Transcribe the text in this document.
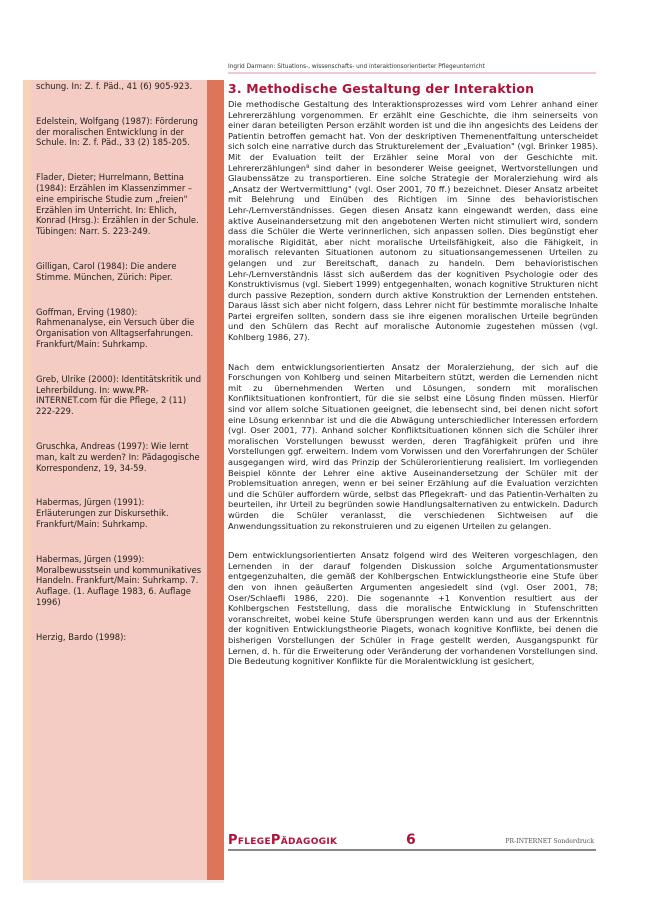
schung. In: Z. f. Päd., 41 (6) 905-923.
Edelstein, Wolfgang (1987): Förderung der moralischen Entwicklung in der Schule. In: Z. f. Päd., 33 (2) 185-205.
Flader, Dieter; Hurrelmann, Bettina (1984): Erzählen im Klassenzimmer – eine empirische Studie zum „freien" Erzählen im Unterricht. In: Ehlich, Konrad (Hrsg.): Erzählen in der Schule. Tübingen: Narr. S. 223-249.
Gilligan, Carol (1984): Die andere Stimme. München, Zürich: Piper.
Goffman, Erving (1980): Rahmenanalyse, ein Versuch über die Organisation von Alltagserfahrungen. Frankfurt/Main: Suhrkamp.
Greb, Ulrike (2000): Identitätskritik und Lehrerbildung. In: www.PR-INTERNET.com für die Pflege, 2 (11) 222-229.
Gruschka, Andreas (1997): Wie lernt man, kalt zu werden? In: Pädagogische Korrespondenz, 19, 34-59.
Habermas, Jürgen (1991): Erläuterungen zur Diskursethik. Frankfurt/Main: Suhrkamp.
Habermas, Jürgen (1999): Moralbewusstsein und kommunikatives Handeln. Frankfurt/Main: Suhrkamp. 7. Auflage. (1. Auflage 1983, 6. Auflage 1996)
Herzig, Bardo (1998):
Ingrid Darmann: Situations-, wissenschafts- und interaktionsorientierter Pflegeunterricht
3. Methodische Gestaltung der Interaktion

Die methodische Gestaltung des Interaktionsprozesses wird vom Lehrer anhand einer Lehrererzählung vorgenommen. Er erzählt eine Geschichte, die ihm seinerseits von einer daran beteiligten Person erzählt worden ist und die ihn angesichts des Leidens der Patientin betroffen gemacht hat. Von der deskriptiven Themenentfaltung unterscheidet sich solch eine narrative durch das Strukturelement der „Evaluation" (vgl. Brinker 1985). Mit der Evaluation teilt der Erzähler seine Moral von der Geschichte mit. Lehrererzählungen⁸ sind daher in besonderer Weise geeignet, Wertvorstellungen und Glaubenssätze zu transportieren. Eine solche Strategie der Moralerziehung wird als „Ansatz der Wertvermittlung" (vgl. Oser 2001, 70 ff.) bezeichnet. Dieser Ansatz arbeitet mit Belehrung und Einüben des Richtigen im Sinne des behavioristischen Lehr-/Lernverständnisses. Gegen diesen Ansatz kann eingewandt werden, dass eine aktive Auseinandersetzung mit den angebotenen Werten nicht stimuliert wird, sondern dass die Schüler die Werte verinnerlichen, sich anpassen sollen. Dies begünstigt eher moralische Rigidität, aber nicht moralische Urteilsfähigkeit, also die Fähigkeit, in moralisch relevanten Situationen autonom zu situationsangemessenen Urteilen zu gelangen und zur Bereitschaft, danach zu handeln. Dem behavioristischen Lehr-/Lernverständnis lässt sich außerdem das der kognitiven Psychologie oder des Konstruktivismus (vgl. Siebert 1999) entgegenhalten, wonach kognitive Strukturen nicht durch passive Rezeption, sondern durch aktive Konstruktion der Lernenden entstehen. Daraus lässt sich aber nicht folgern, dass Lehrer nicht für bestimmte moralische Inhalte Partei ergreifen sollten, sondern dass sie ihre eigenen moralischen Urteile begründen und den Schülern das Recht auf moralische Autonomie zugestehen müssen (vgl. Kohlberg 1986, 27).

Nach dem entwicklungsorientierten Ansatz der Moralerziehung, der sich auf die Forschungen von Kohlberg und seinen Mitarbeitern stützt, werden die Lernenden nicht mit zu übernehmenden Werten und Lösungen, sondern mit moralischen Konfliktsituationen konfrontiert, für die sie selbst eine Lösung finden müssen. Hierfür sind vor allem solche Situationen geeignet, die lebensecht sind, bei denen nicht sofort eine Lösung erkennbar ist und die die Abwägung unterschiedlicher Interessen erfordern (vgl. Oser 2001, 77). Anhand solcher Konfliktsituationen können sich die Schüler ihrer moralischen Vorstellungen bewusst werden, deren Tragfähigkeit prüfen und ihre Vorstellungen ggf. erweitern. Indem vom Vorwissen und den Vorerfahrungen der Schüler ausgegangen wird, wird das Prinzip der Schülerorientierung realisiert. Im vorliegenden Beispiel könnte der Lehrer eine aktive Auseinandersetzung der Schüler mit der Problemsituation anregen, wenn er bei seiner Erzählung auf die Evaluation verzichten und die Schüler auffordern würde, selbst das Pflegekraft- und das Patientin-Verhalten zu beurteilen, ihr Urteil zu begründen sowie Handlungsalternativen zu entwickeln. Dadurch würden die Schüler veranlasst, die verschiedenen Sichtweisen auf die Anwendungssituation zu rekonstruieren und zu eigenen Urteilen zu gelangen.

Dem entwicklungsorientierten Ansatz folgend wird des Weiteren vorgeschlagen, den Lernenden in der darauf folgenden Diskussion solche Argumentationsmuster entgegenzuhalten, die gemäß der Kohlbergschen Entwicklungstheorie eine Stufe über den von ihnen geäußerten Argumenten angesiedelt sind (vgl. Oser 2001, 78; Oser/Schlaefli 1986, 220). Die sogenannte +1 Konvention resultiert aus der Kohlbergschen Feststellung, dass die moralische Entwicklung in Stufenschritten voranschreitet, wobei keine Stufe übersprungen werden kann und aus der Erkenntnis der kognitiven Entwicklungstheorie Piagets, wonach kognitive Konflikte, bei denen die bisherigen Vorstellungen der Schüler in Frage gestellt werden, Ausgangspunkt für Lernen, d. h. für die Erweiterung oder Veränderung der vorhandenen Vorstellungen sind. Die Bedeutung kognitiver Konflikte für die Moralentwicklung ist gesichert,

PflegePädagogik	6	PR-INTERNET Sonderdruck
